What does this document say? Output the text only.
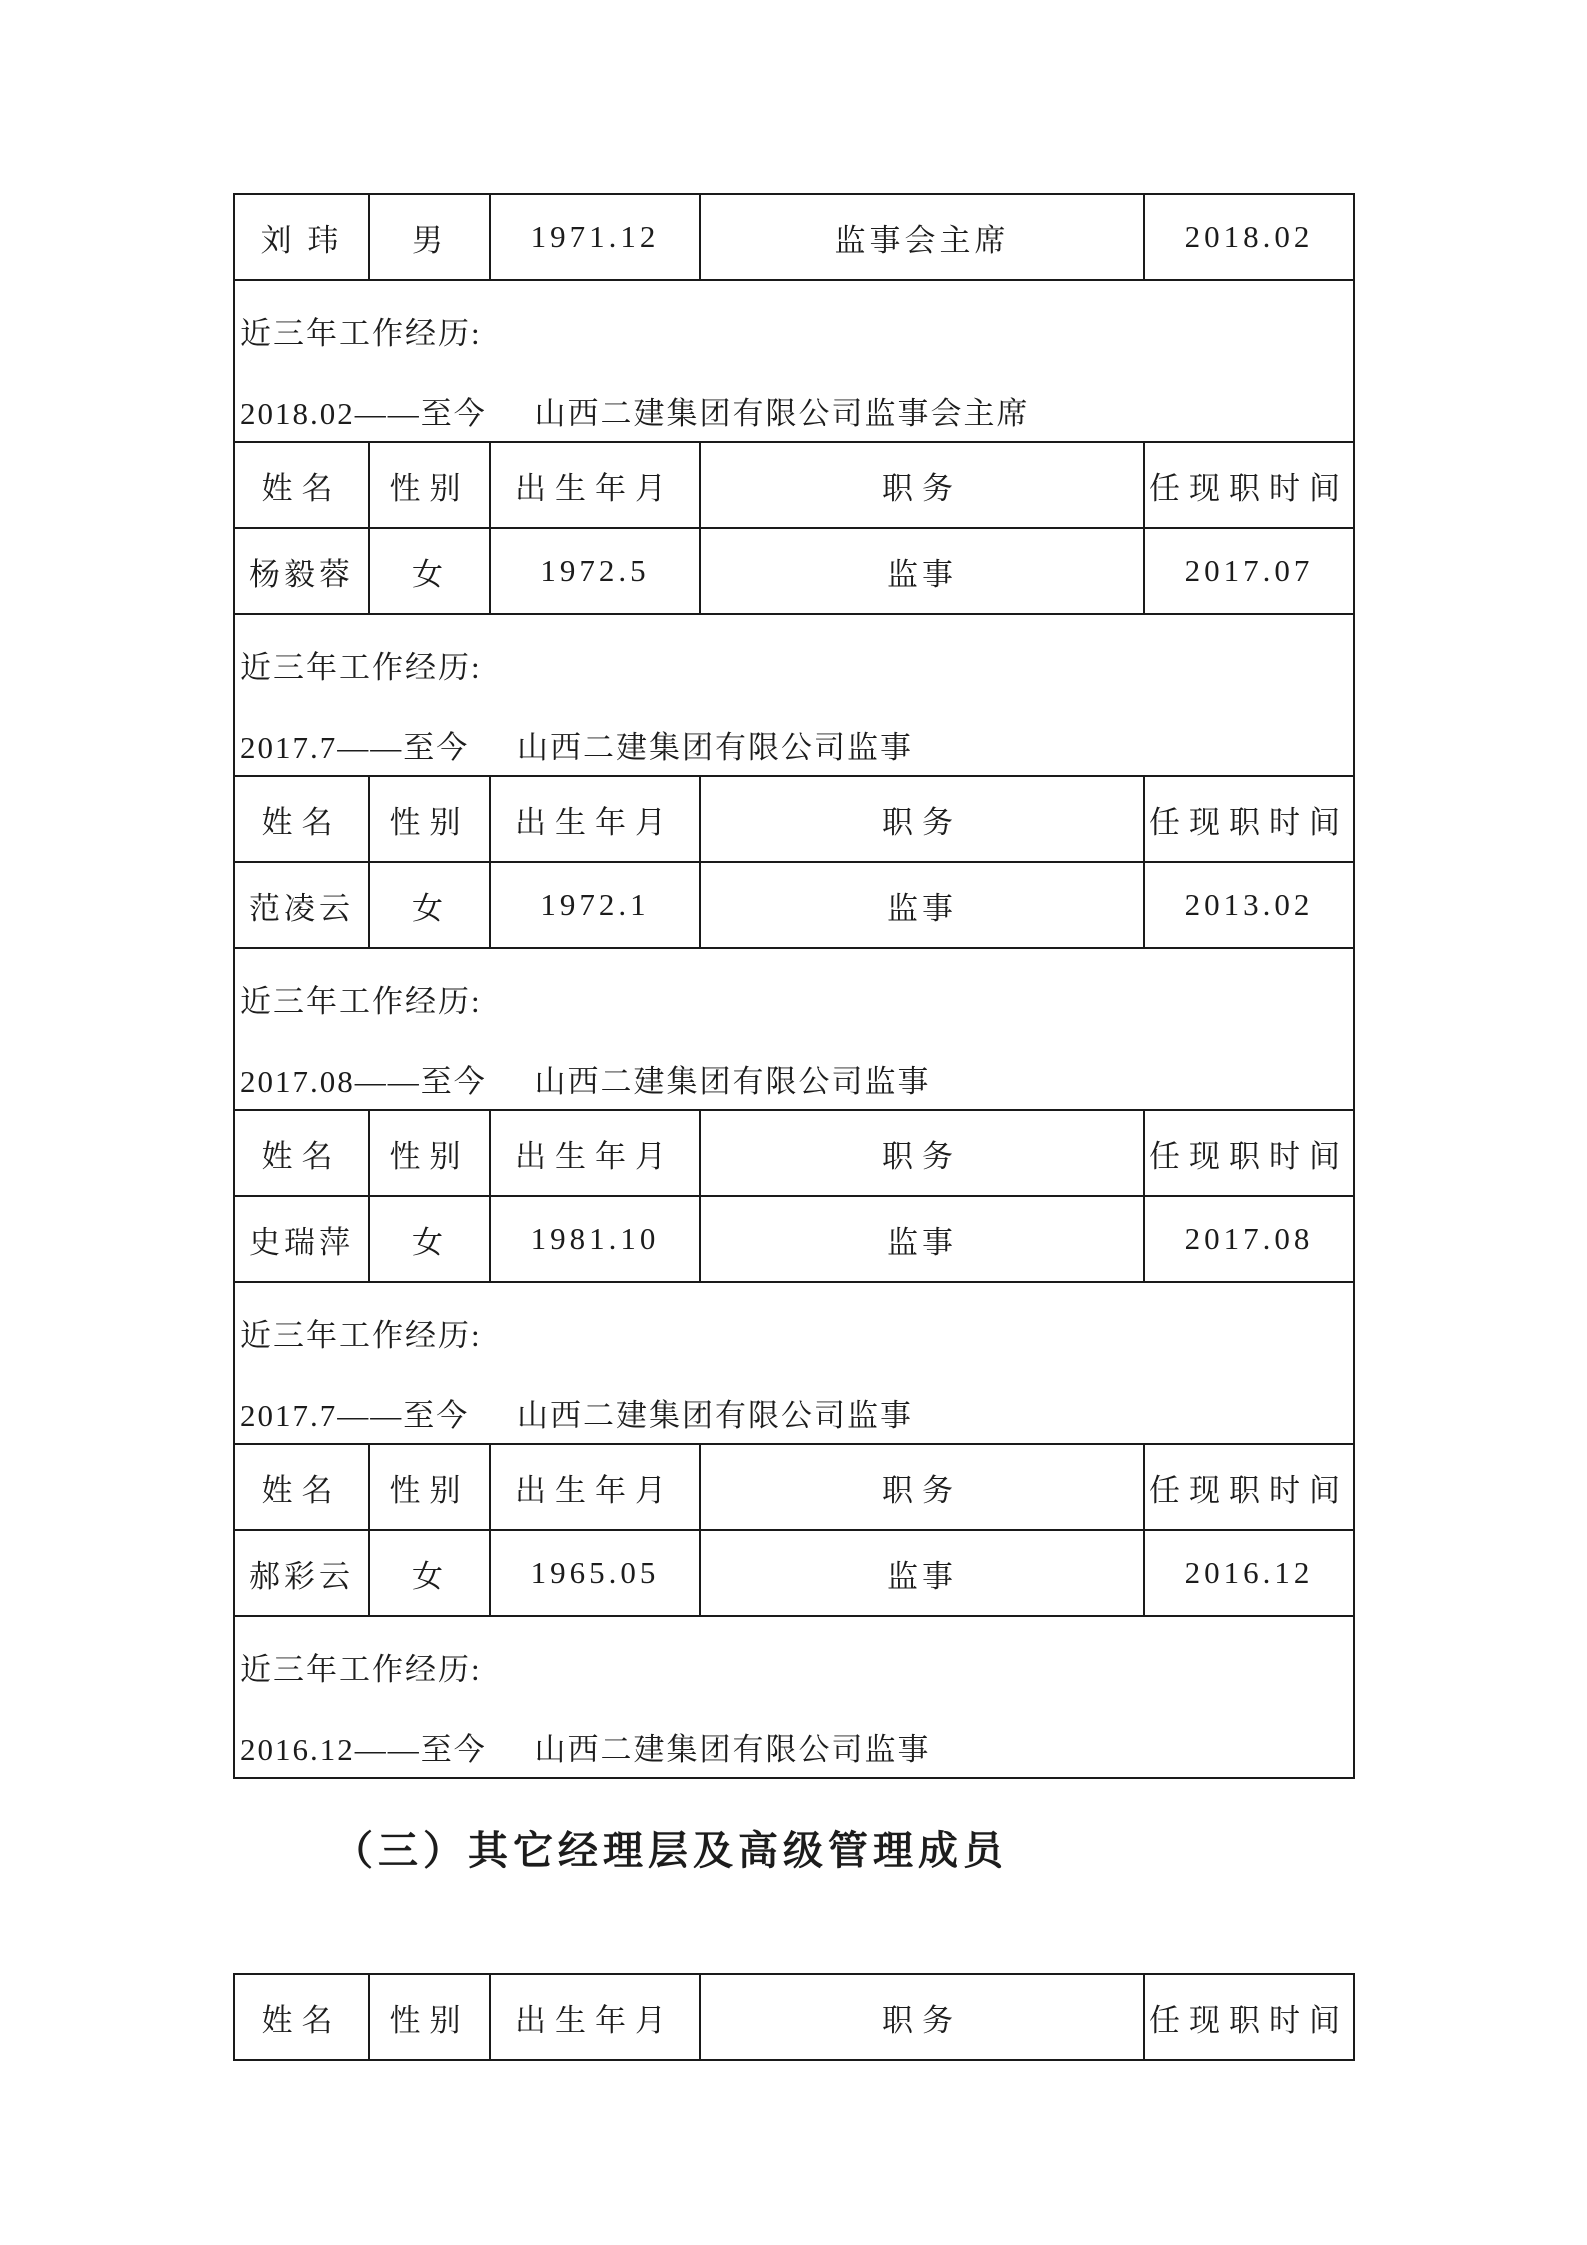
刘 玮	男	1971.12	监事会主席	2018.02

近三年工作经历:

2018.02——至今 山西二建集团有限公司监事会主席				

姓名	性别	出生年月	职务	任现职时间
杨毅蓉	女	1972.5	监事	2017.07

近三年工作经历:

2017.7——至今 山西二建集团有限公司监事				

姓名	性别	出生年月	职务	任现职时间
范凌云	女	1972.1	监事	2013.02

近三年工作经历:

2017.08——至今 山西二建集团有限公司监事				

姓名	性别	出生年月	职务	任现职时间
史瑞萍	女	1981.10	监事	2017.08

近三年工作经历:

2017.7——至今 山西二建集团有限公司监事				

姓名	性别	出生年月	职务	任现职时间
郝彩云	女	1965.05	监事	2016.12

近三年工作经历:

2016.12——至今 山西二建集团有限公司监事				

（三）其它经理层及高级管理成员
姓名	性别	出生年月	职务	任现职时间
